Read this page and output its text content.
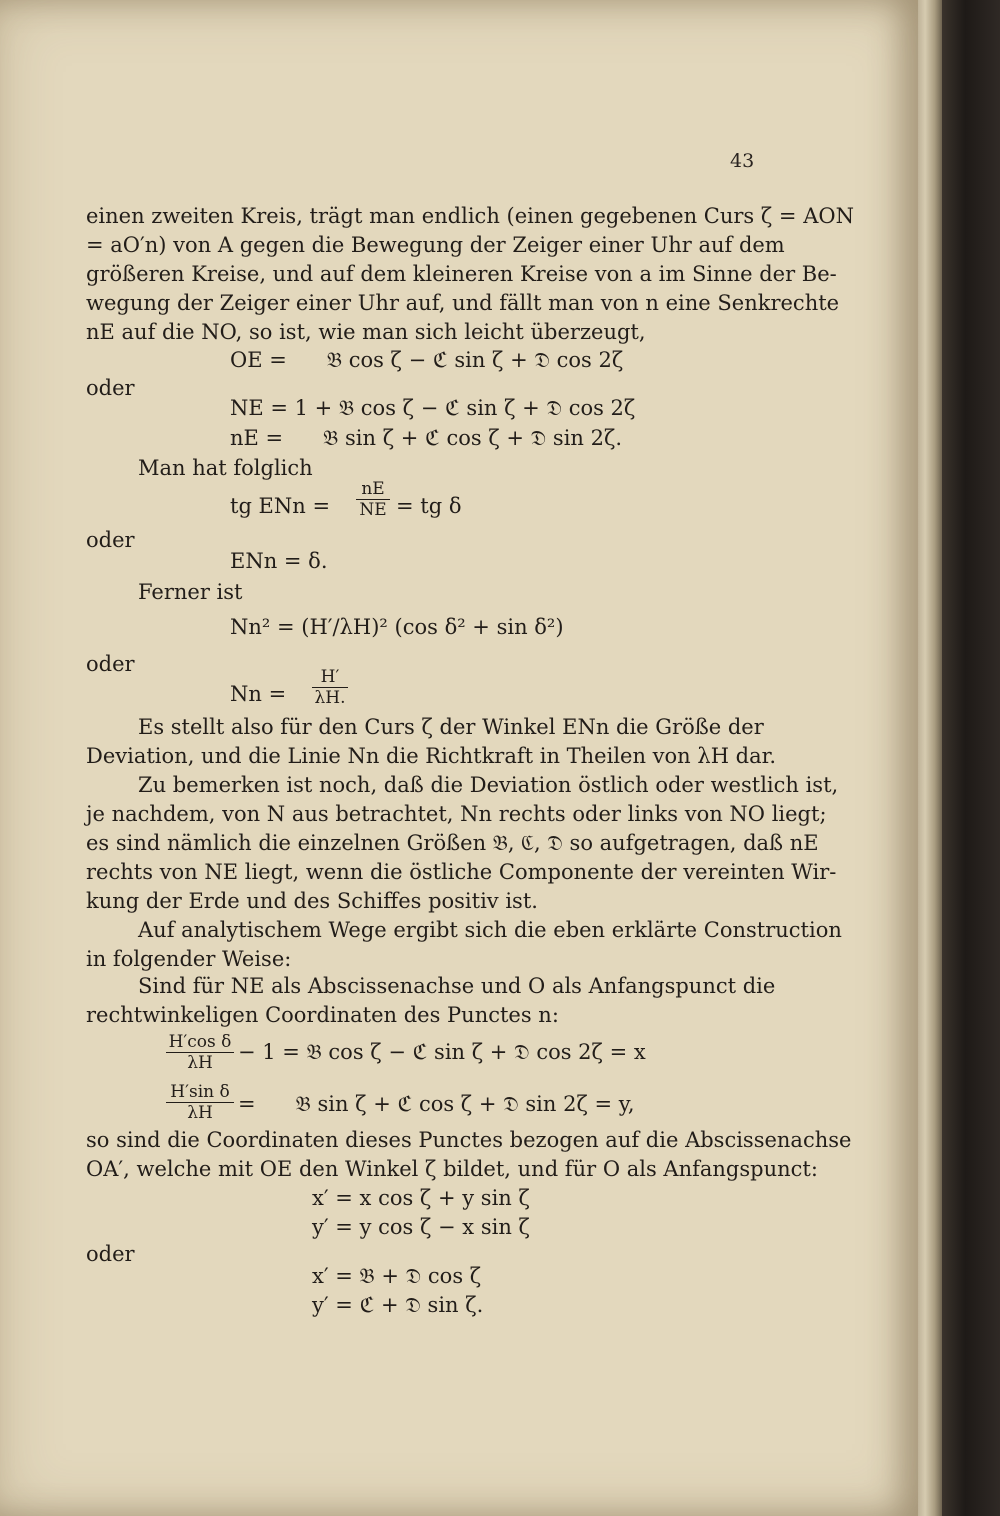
43
einen zweiten Kreis, trägt man endlich (einen gegebenen Curs ζ = AON
= aO′n) von A gegen die Bewegung der Zeiger einer Uhr auf dem
größeren Kreise, und auf dem kleineren Kreise von a im Sinne der Be-
wegung der Zeiger einer Uhr auf, und fällt man von n eine Senkrechte
nE auf die NO, so ist, wie man sich leicht überzeugt,
OE =      𝔅 cos ζ − ℭ sin ζ + 𝔇 cos 2ζ
oder
NE = 1 + 𝔅 cos ζ − ℭ sin ζ + 𝔇 cos 2ζ
nE =      𝔅 sin ζ + ℭ cos ζ + 𝔇 sin 2ζ.
Man hat folglich
tg ENn = $\frac{nE}{NE}$ = tg δ
oder
ENn = δ.
Ferner ist
Nn² = (H′/λH)² (cos δ² + sin δ²)
oder
$Nn = \frac{H'}{\lambda H.}$
Es stellt also für den Curs ζ der Winkel ENn die Größe der
Deviation, und die Linie Nn die Richtkraft in Theilen von λH dar.
Zu bemerken ist noch, daß die Deviation östlich oder westlich ist,
je nachdem, von N aus betrachtet, Nn rechts oder links von NO liegt;
es sind nämlich die einzelnen Größen 𝔅, ℭ, 𝔇 so aufgetragen, daß nE
rechts von NE liegt, wenn die östliche Componente der vereinten Wir-
kung der Erde und des Schiffes positiv ist.
Auf analytischem Wege ergibt sich die eben erklärte Construction
in folgender Weise:
Sind für NE als Abscissenachse und O als Anfangspunct die
rechtwinkeligen Coordinaten des Punctes n:
$\frac{\text{H′cos δ}}{\lambda H} - 1$ = 𝔅 cos ζ − ℭ sin ζ + 𝔇 cos 2ζ = x
$\frac{\text{H′sin δ}}{\lambda H}$ =      𝔅 sin ζ + ℭ cos ζ + 𝔇 sin 2ζ = y,
so sind die Coordinaten dieses Punctes bezogen auf die Abscissenachse
OA′, welche mit OE den Winkel ζ bildet, und für O als Anfangspunct:
x′ = x cos ζ + y sin ζ
y′ = y cos ζ − x sin ζ
oder
x′ = 𝔅 + 𝔇 cos ζ
y′ = ℭ + 𝔇 sin ζ.
